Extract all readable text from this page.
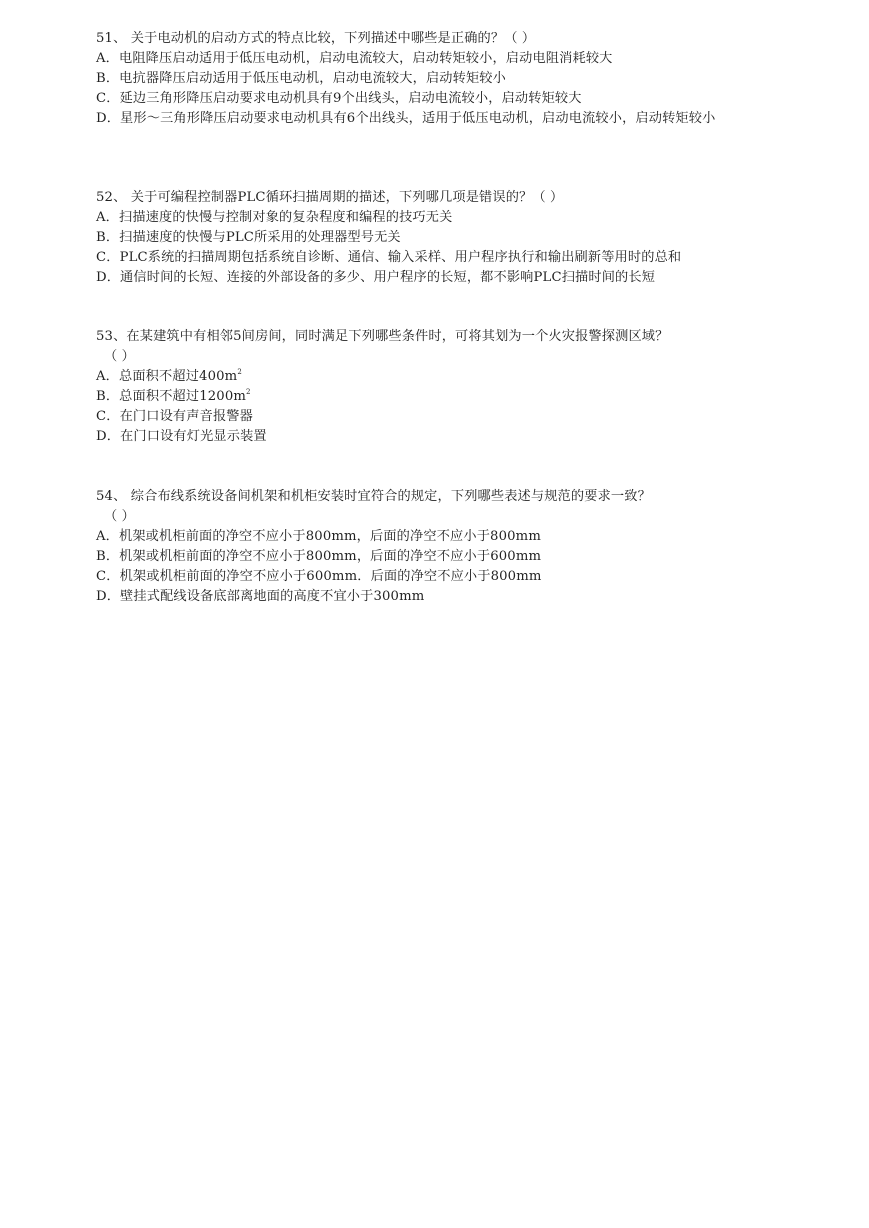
51、 关于电动机的启动方式的特点比较，下列描述中哪些是正确的？（ ）
A．电阻降压启动适用于低压电动机，启动电流较大，启动转矩较小，启动电阻消耗较大
B．电抗器降压启动适用于低压电动机，启动电流较大，启动转矩较小
C．延边三角形降压启动要求电动机具有9个出线头，启动电流较小，启动转矩较大
D．星形～三角形降压启动要求电动机具有6个出线头，适用于低压电动机，启动电流较小，启动转矩较小
52、 关于可编程控制器PLC循环扫描周期的描述，下列哪几项是错误的？（ ）
A．扫描速度的快慢与控制对象的复杂程度和编程的技巧无关
B．扫描速度的快慢与PLC所采用的处理器型号无关
C．PLC系统的扫描周期包括系统自诊断、通信、输入采样、用户程序执行和输出刷新等用时的总和
D．通信时间的长短、连接的外部设备的多少、用户程序的长短，都不影响PLC扫描时间的长短
53、在某建筑中有相邻5间房间，同时满足下列哪些条件时，可将其划为一个火灾报警探测区域？
（ ）
A．总面积不超过$400m^2$
B．总面积不超过$1200m^2$
C．在门口设有声音报警器
D．在门口设有灯光显示装置
54、 综合布线系统设备间机架和机柜安装时宜符合的规定，下列哪些表述与规范的要求一致？
（ ）
A．机架或机柜前面的净空不应小于800mm，后面的净空不应小于800mm
B．机架或机柜前面的净空不应小于800mm，后面的净空不应小于600mm
C．机架或机柜前面的净空不应小于600mm．后面的净空不应小于800mm
D．壁挂式配线设备底部离地面的高度不宜小于300mm
